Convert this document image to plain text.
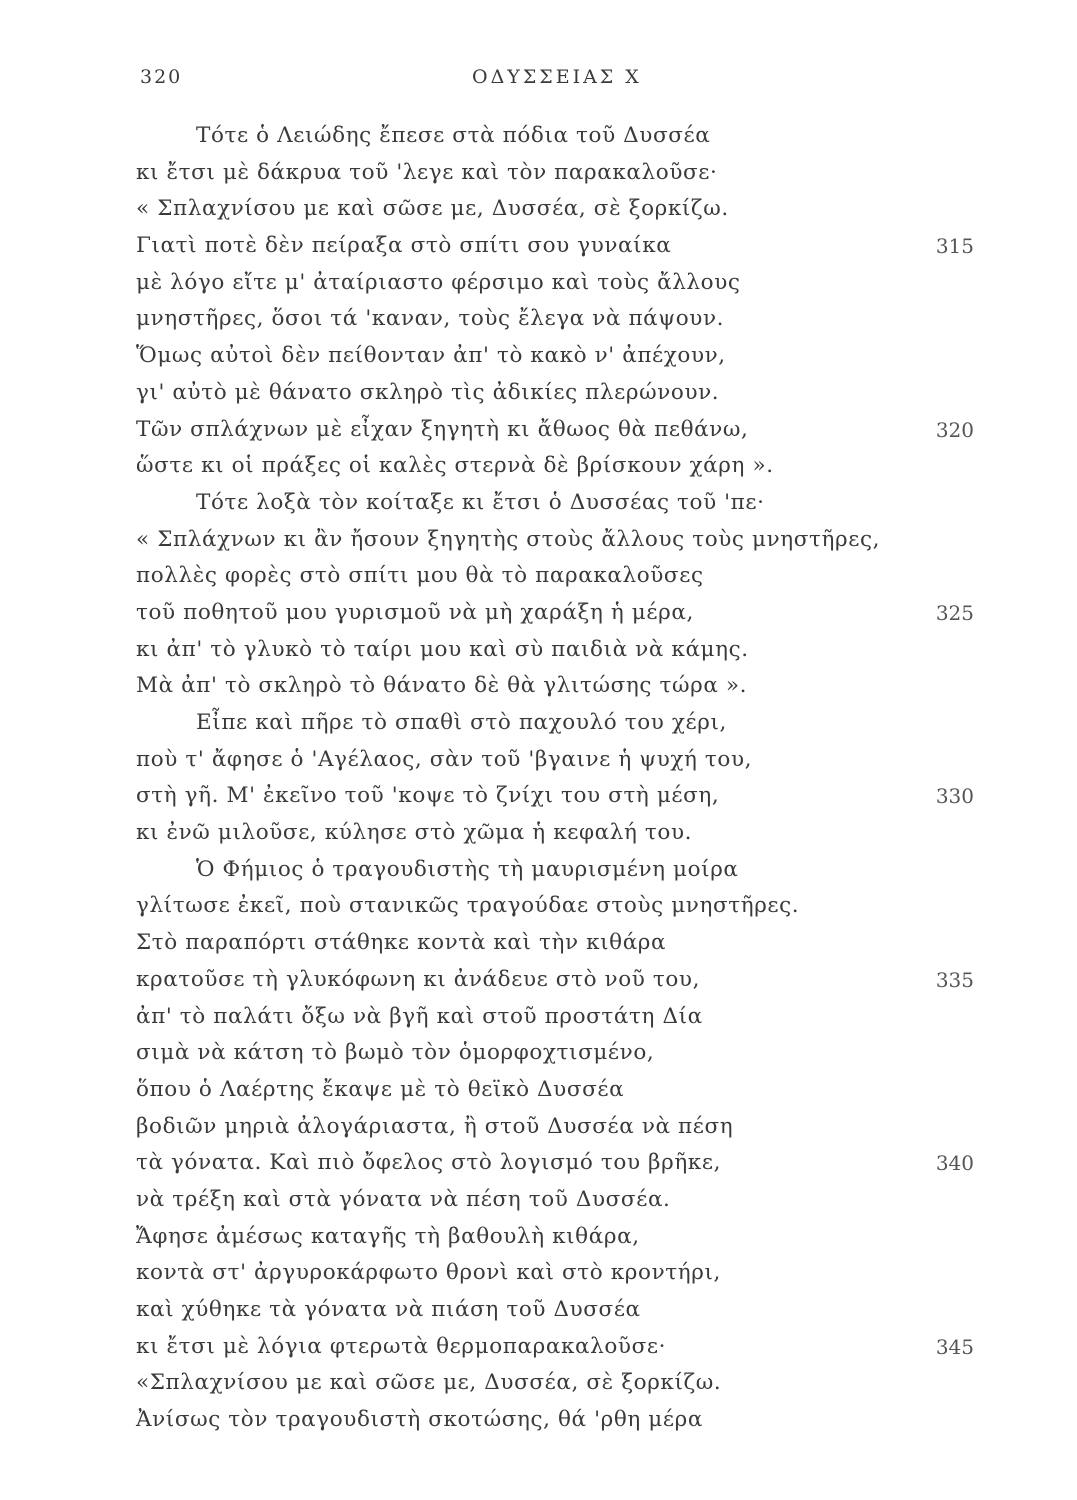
320	ΟΔΥΣΣΕΙΑΣ Χ
Τότε ὁ Λειώδης ἔπεσε στὰ πόδια τοῦ Δυσσέα
κι ἔτσι μὲ δάκρυα τοῦ 'λεγε καὶ τὸν παρακαλοῦσε·
« Σπλαχνίσου με καὶ σῶσε με, Δυσσέα, σὲ ξορκίζω.
Γιατὶ ποτὲ δὲν πείραξα στὸ σπίτι σου γυναίκα	315
μὲ λόγο εἴτε μ' ἀταίριαστο φέρσιμο καὶ τοὺς ἄλλους
μνηστῆρες, ὅσοι τά 'καναν, τοὺς ἔλεγα νὰ πάψουν.
Ὅμως αὐτοὶ δὲν πείθονταν ἀπ' τὸ κακὸ ν' ἀπέχουν,
γι' αὐτὸ μὲ θάνατο σκληρὸ τὶς ἀδικίες πλερώνουν.
Τῶν σπλάχνων μὲ εἶχαν ξηγητὴ κι ἄθωος θὰ πεθάνω,	320
ὥστε κι οἱ πράξες οἱ καλὲς στερνὰ δὲ βρίσκουν χάρη ».
Τότε λοξὰ τὸν κοίταξε κι ἔτσι ὁ Δυσσέας τοῦ 'πε·
« Σπλάχνων κι ἂν ἤσουν ξηγητὴς στοὺς ἄλλους τοὺς μνηστῆρες,
πολλὲς φορὲς στὸ σπίτι μου θὰ τὸ παρακαλοῦσες
τοῦ ποθητοῦ μου γυρισμοῦ νὰ μὴ χαράξη ἡ μέρα,	325
κι ἀπ' τὸ γλυκὸ τὸ ταίρι μου καὶ σὺ παιδιὰ νὰ κάμης.
Μὰ ἀπ' τὸ σκληρὸ τὸ θάνατο δὲ θὰ γλιτώσης τώρα ».
Εἶπε καὶ πῆρε τὸ σπαθὶ στὸ παχουλό του χέρι,
ποὺ τ' ἄφησε ὁ 'Αγέλαος, σὰν τοῦ 'βγαινε ἡ ψυχή του,
στὴ γῆ. Μ' ἐκεῖνο τοῦ 'κοψε τὸ ζνίχι του στὴ μέση,	330
κι ἐνῶ μιλοῦσε, κύλησε στὸ χῶμα ἡ κεφαλή του.
Ὁ Φήμιος ὁ τραγουδιστὴς τὴ μαυρισμένη μοίρα
γλίτωσε ἐκεῖ, ποὺ στανικῶς τραγούδαε στοὺς μνηστῆρες.
Στὸ παραπόρτι στάθηκε κοντὰ καὶ τὴν κιθάρα
κρατοῦσε τὴ γλυκόφωνη κι ἀνάδευε στὸ νοῦ του,	335
ἀπ' τὸ παλάτι ὄξω νὰ βγῆ καὶ στοῦ προστάτη Δία
σιμὰ νὰ κάτση τὸ βωμὸ τὸν ὁμορφοχτισμένο,
ὅπου ὁ Λαέρτης ἔκαψε μὲ τὸ θεϊκὸ Δυσσέα
βοδιῶν μηριὰ ἀλογάριαστα, ἢ στοῦ Δυσσέα νὰ πέση
τὰ γόνατα. Καὶ πιὸ ὄφελος στὸ λογισμό του βρῆκε,	340
νὰ τρέξη καὶ στὰ γόνατα νὰ πέση τοῦ Δυσσέα.
Ἄφησε ἀμέσως καταγῆς τὴ βαθουλὴ κιθάρα,
κοντὰ στ' ἀργυροκάρφωτο θρονὶ καὶ στὸ κροντήρι,
καὶ χύθηκε τὰ γόνατα νὰ πιάση τοῦ Δυσσέα
κι ἔτσι μὲ λόγια φτερωτὰ θερμοπαρακαλοῦσε·	345
«Σπλαχνίσου με καὶ σῶσε με, Δυσσέα, σὲ ξορκίζω.
Ἀνίσως τὸν τραγουδιστὴ σκοτώσης, θά 'ρθη μέρα
